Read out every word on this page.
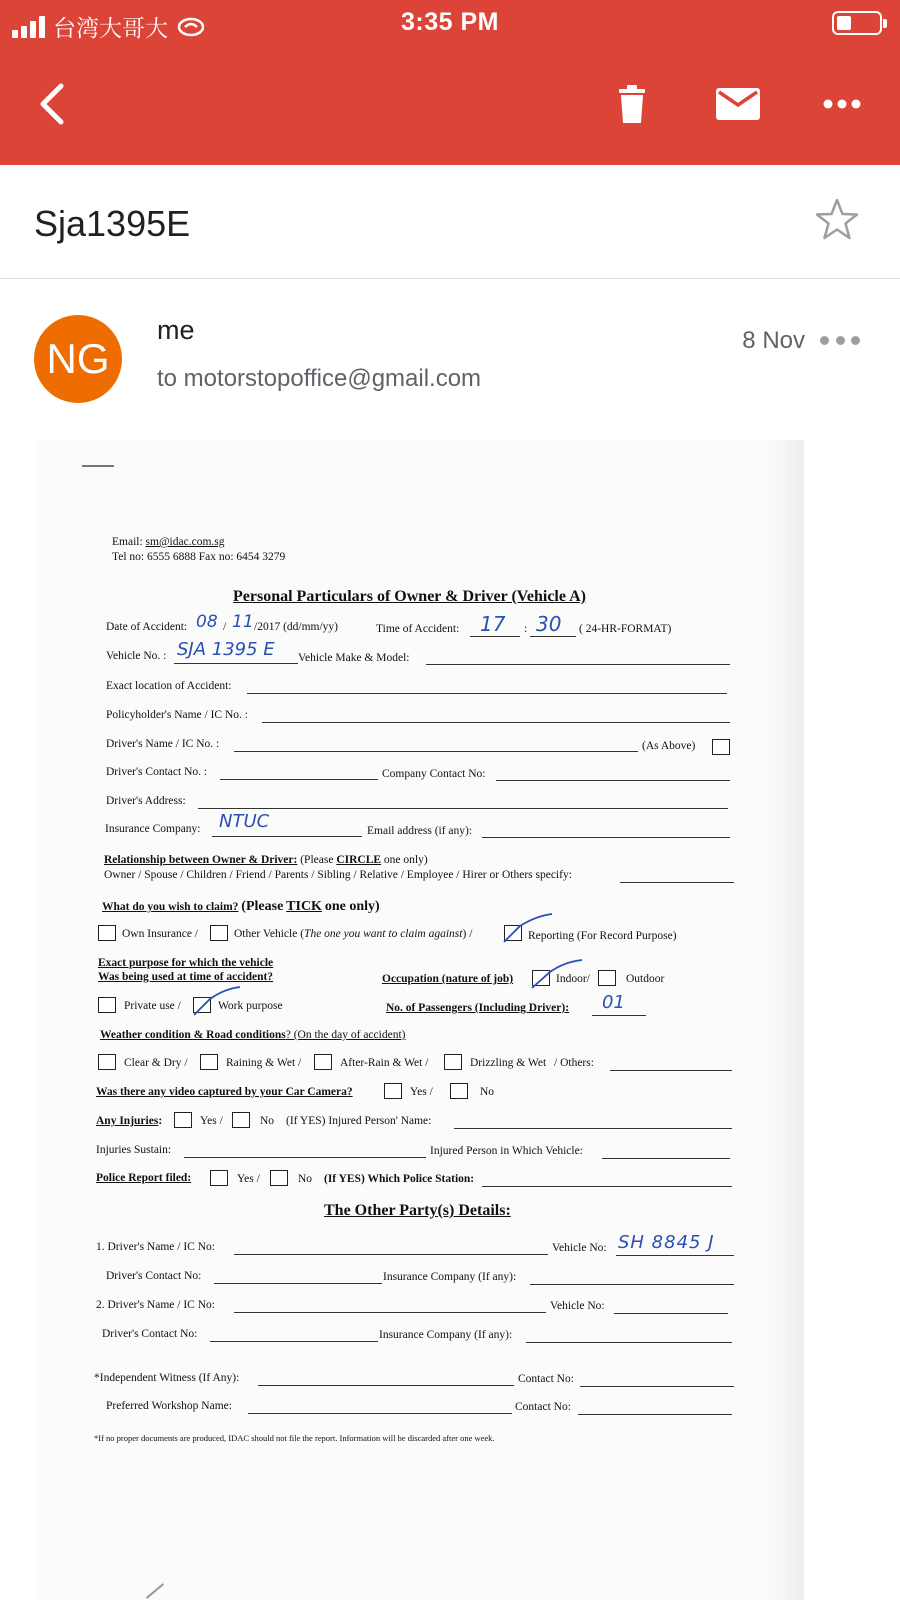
台湾大哥大	3:35 PM
Sja1395E
NG
me
to motorstopoffice@gmail.com
8 Nov
Email: sm@idac.com.sg
Tel no: 6555 6888 Fax no: 6454 3279
Personal Particulars of Owner & Driver (Vehicle A)
Date of Accident: 08 / 11 /2017 (dd/mm/yy)	Time of Accident: 17 : 30 ( 24-HR-FORMAT)
Vehicle No. : SJA 1395 E Vehicle Make & Model:
Exact location of Accident:
Policyholder's Name / IC No. :
Driver's Name / IC No. :	(As Above)
Driver's Contact No. :	Company Contact No:
Driver's Address:
Insurance Company: NTUC	Email address (if any):
Relationship between Owner & Driver: (Please CIRCLE one only)
Owner / Spouse / Children / Friend / Parents / Sibling / Relative / Employee / Hirer or Others specify:
What do you wish to claim? (Please TICK one only)
Own Insurance /	Other Vehicle (The one you want to claim against) /	Reporting (For Record Purpose)
Exact purpose for which the vehicle
Was being used at time of accident?	Occupation (nature of job)	Indoor/	Outdoor
Private use /	Work purpose	No. of Passengers (Including Driver): 01
Weather condition & Road conditions? (On the day of accident)
Clear & Dry /	Raining & Wet /	After-Rain & Wet /	Drizzling & Wet / Others:
Was there any video captured by your Car Camera?	Yes /	No
Any Injuries:	Yes /	No (If YES) Injured Person' Name:
Injuries Sustain:	Injured Person in Which Vehicle:
Police Report filed:	Yes /	No (If YES) Which Police Station:
The Other Party(s) Details:
1. Driver's Name / IC No:	Vehicle No: SH 8845 J
Driver's Contact No:	Insurance Company (If any):
2. Driver's Name / IC No:	Vehicle No:
Driver's Contact No:	Insurance Company (If any):
*Independent Witness (If Any):	Contact No:
Preferred Workshop Name:	Contact No:
*If no proper documents are produced, IDAC should not file the report. Information will be discarded after one week.
